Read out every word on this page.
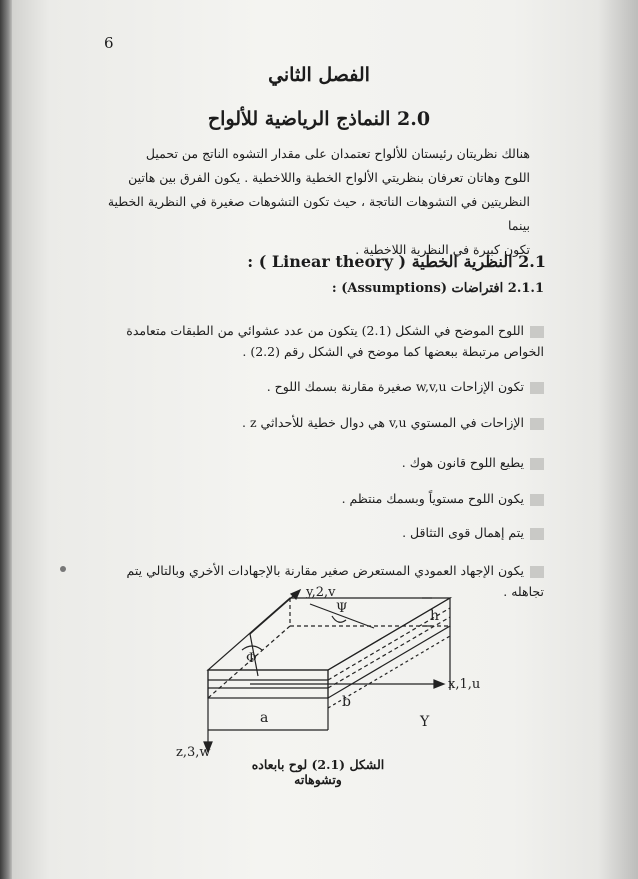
6
الفصل الثاني
2.0 النماذج الرياضية للألواح

هنالك نظريتان رئيستان للألواح تعتمدان على مقدار التشوه الناتج من تحميل

اللوح وهاتان تعرفان بنظريتي الألواح الخطية واللاخطية . يكون الفرق بين هاتين

النظريتين في التشوهات الناتجة ، حيث تكون التشوهات صغيرة في النظرية الخطية بينما

تكون كبيرة في النظرية اللاخطية .

2.1 النظرية الخطية ( Linear theory ) :
2.1.1 افتراضات (Assumptions) :
اللوح الموضح في الشكل (2.1) يتكون من عدد عشوائي من الطبقات متعامدة
الخواص مرتبطة ببعضها كما موضح في الشكل رقم (2.2) .
تكون الإزاحات w,v,u صغيرة مقارنة بسمك اللوح .
الإزاحات في المستوي v,u هي دوال خطية للأحداثي z .
يطيع اللوح قانون هوك .
يكون اللوح مستوياً وبسمك منتظم .
يتم إهمال قوى التثاقل .
يكون الإجهاد العمودي المستعرض صغير مقارنة بالإجهادات الأخري وبالتالي يتم
تجاهله .
y,2,v
x,1,u
z,3,w
h
Φ
Ψ
a
b
Y
الشكل (2.1) لوح بابعاده وتشوهاته
